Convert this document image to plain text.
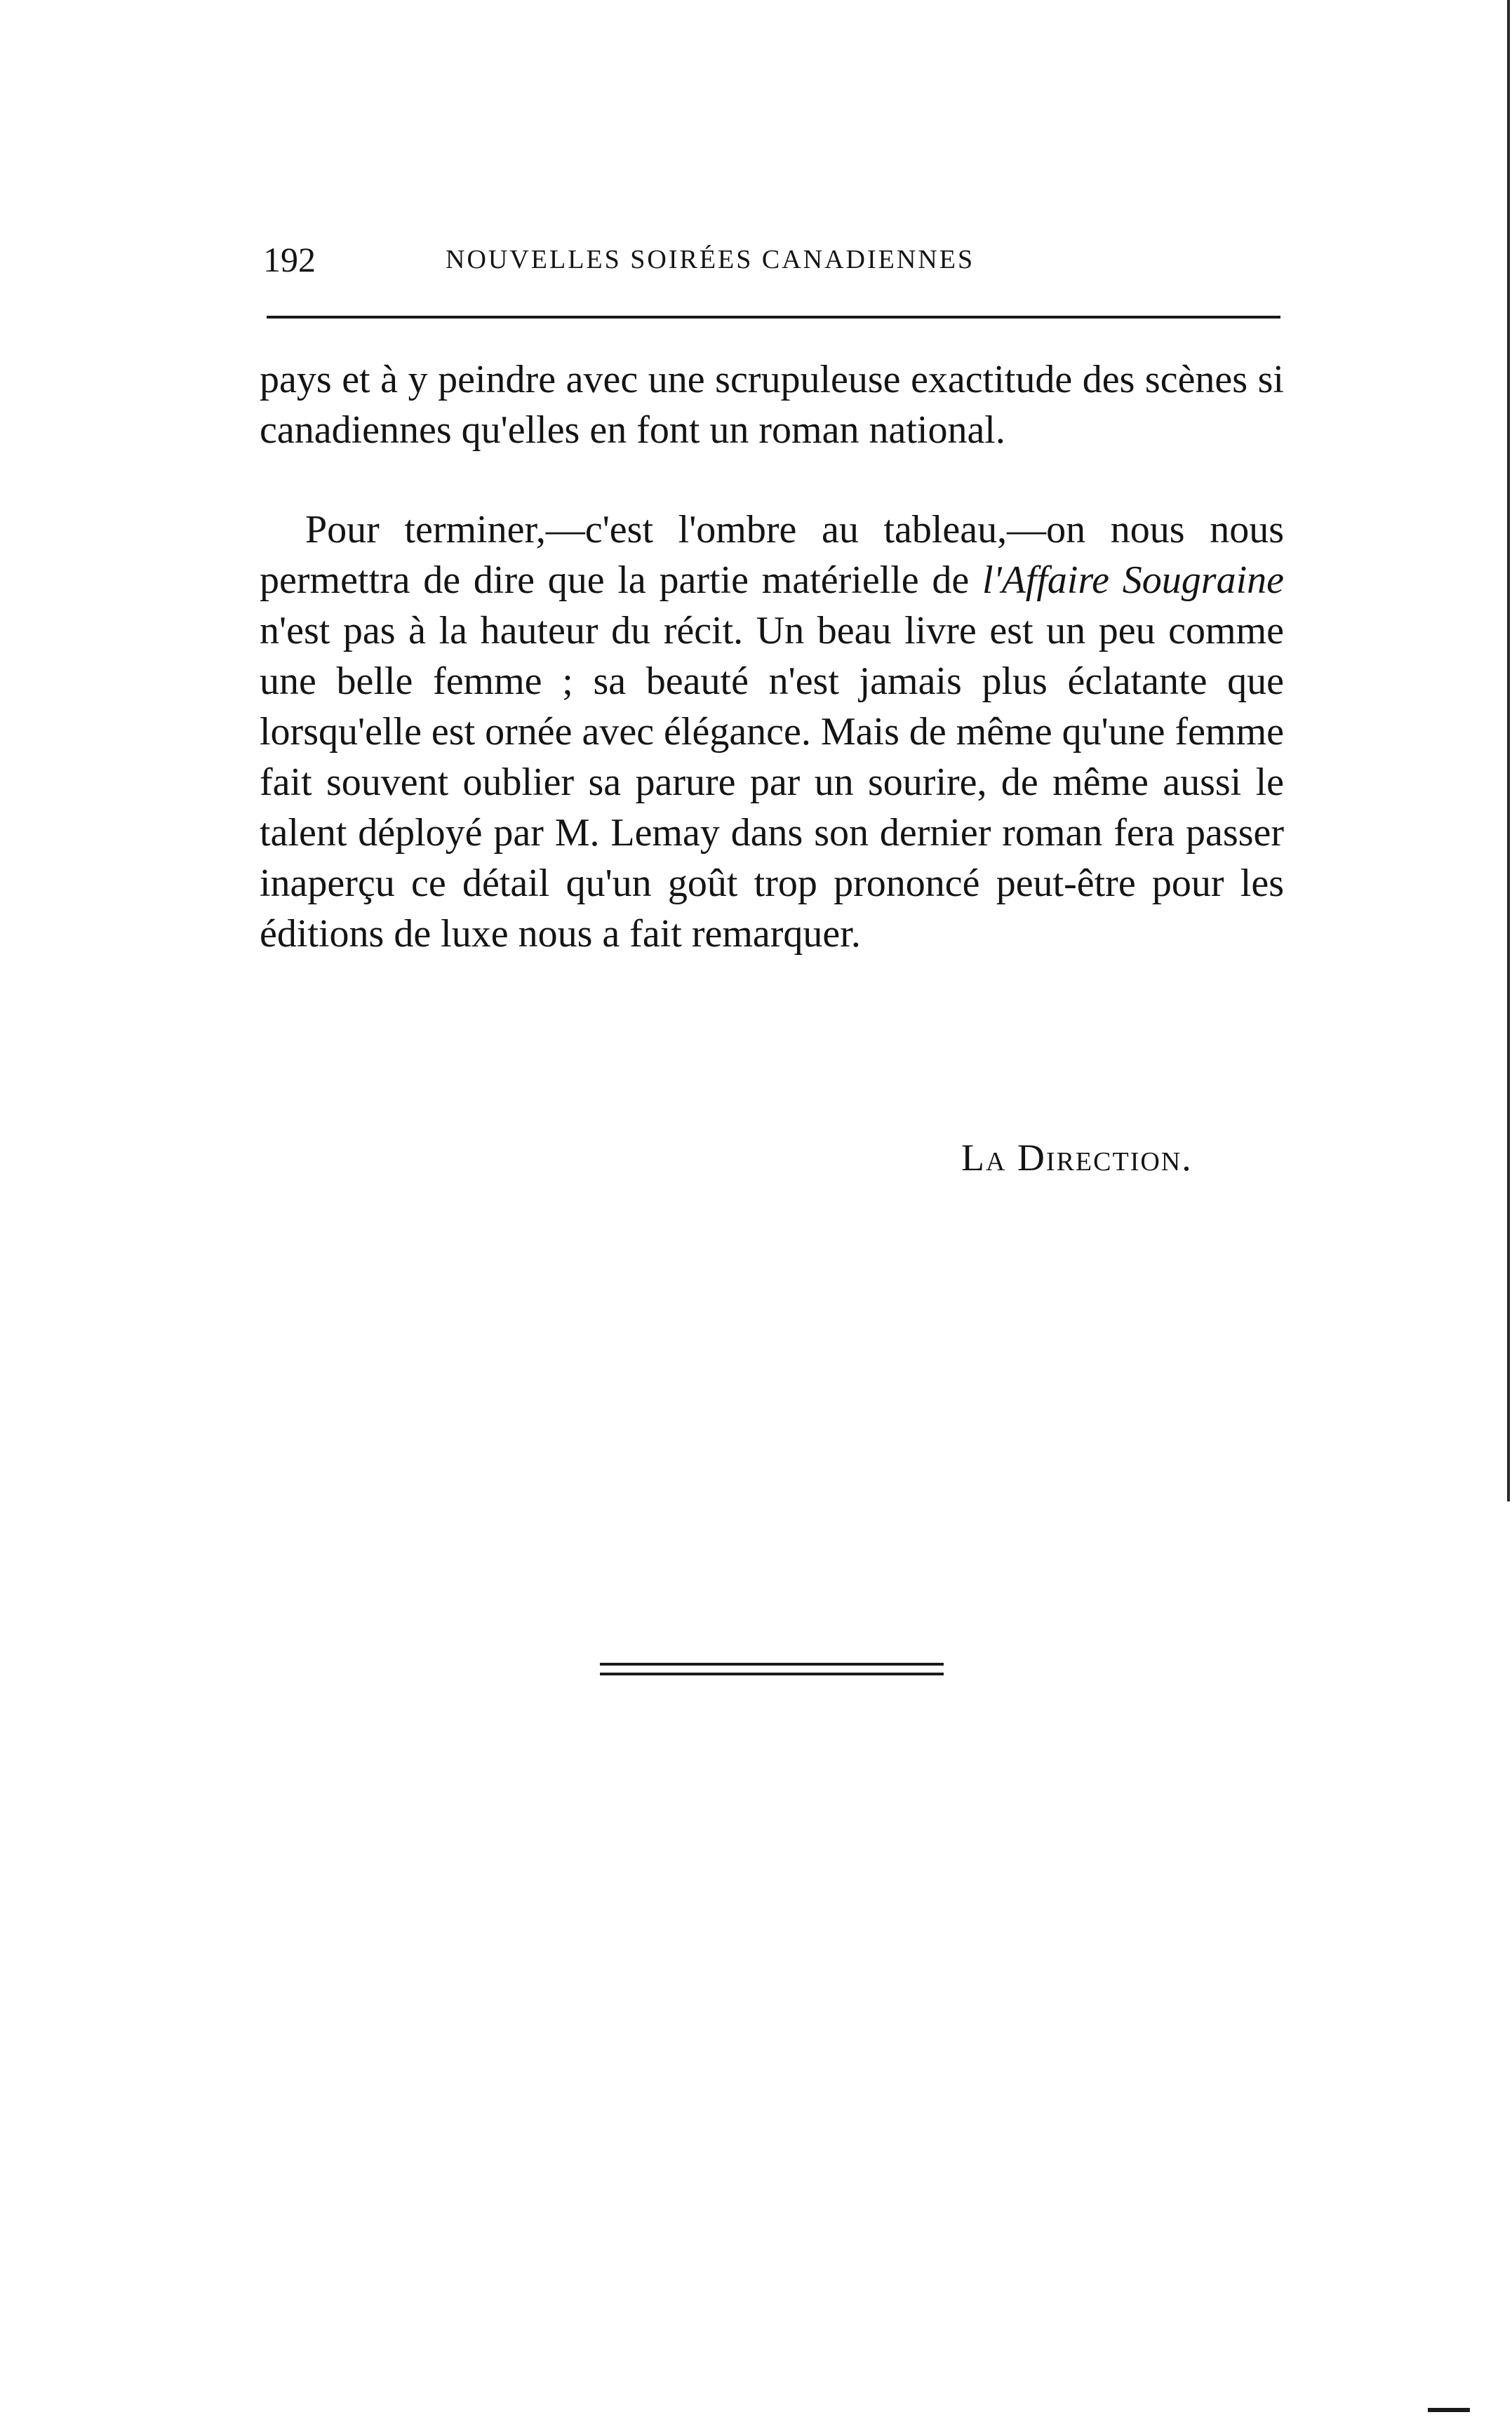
192	NOUVELLES SOIRÉES CANADIENNES

pays et à y peindre avec une scrupuleuse exactitude des scènes si canadiennes qu'elles en font un roman national.

Pour terminer,—c'est l'ombre au tableau,—on nous nous permettra de dire que la partie matérielle de l'Affaire Sougraine n'est pas à la hauteur du récit. Un beau livre est un peu comme une belle femme ; sa beauté n'est jamais plus éclatante que lorsqu'elle est ornée avec élégance. Mais de même qu'une femme fait souvent oublier sa parure par un sourire, de même aussi le talent déployé par M. Lemay dans son dernier roman fera passer inaperçu ce détail qu'un goût trop prononcé peut-être pour les éditions de luxe nous a fait remarquer.

La Direction.
